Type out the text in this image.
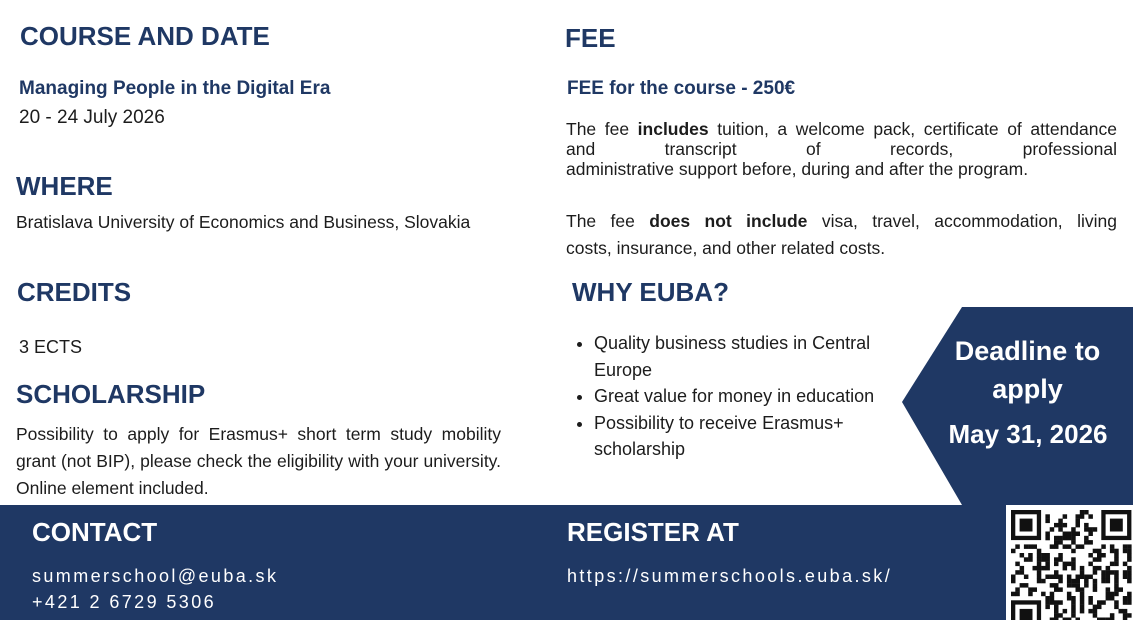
COURSE AND DATE
Managing People in the Digital Era
20 - 24 July 2026
WHERE
Bratislava University of Economics and Business, Slovakia
CREDITS
3 ECTS
SCHOLARSHIP
Possibility to apply for Erasmus+ short term study mobility grant (not BIP), please check the eligibility with your university. Online element included.
FEE
FEE for the course - 250€
The fee includes tuition, a welcome pack, certificate of attendance and transcript of records, professional
administrative support before, during and after the program.
The fee does not include visa, travel, accommodation, living
costs, insurance, and other related costs.
WHY EUBA?
• Quality business studies in Central Europe
• Great value for money in education
• Possibility to receive Erasmus+ scholarship
Deadline to
apply
May 31, 2026
CONTACT
summerschool@euba.sk
+421 2 6729 5306
REGISTER AT
https://summerschools.euba.sk/
